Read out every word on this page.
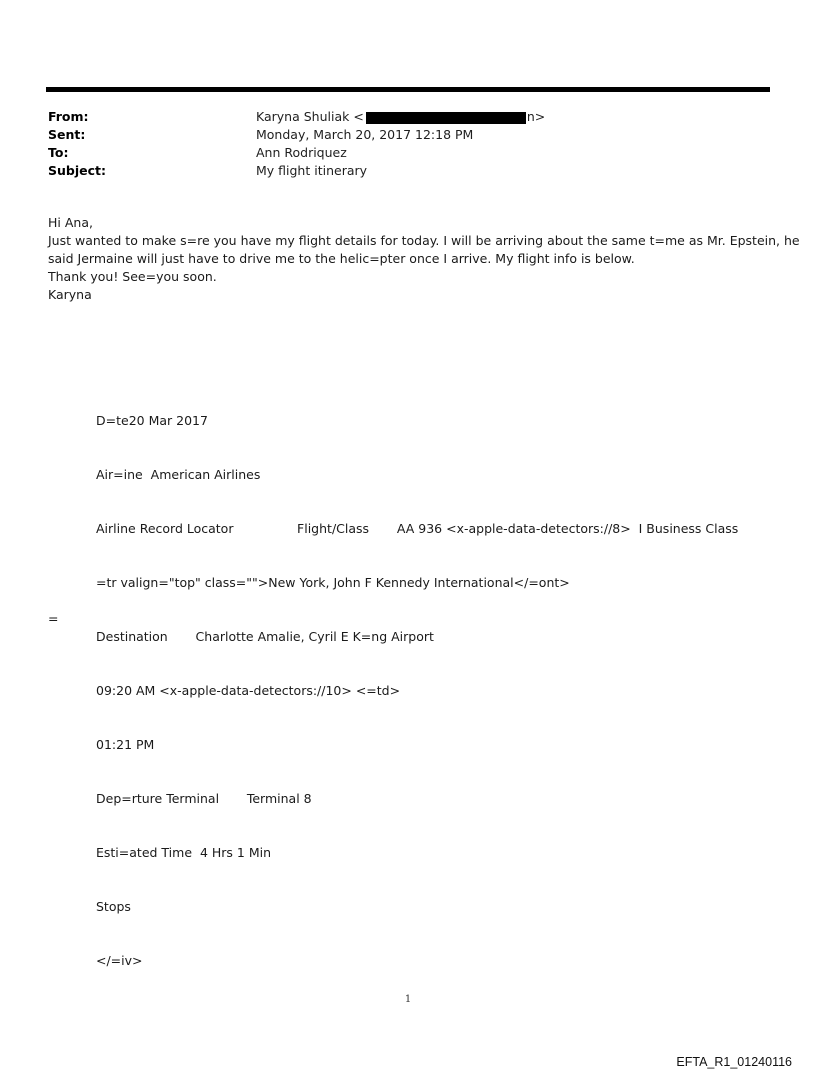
From:	Karyna Shuliak <	n>
Sent:	Monday, March 20, 2017 12:18 PM
To:	Ann Rodriquez
Subject:	My flight itinerary
Hi Ana,
Just wanted to make s=re you have my flight details for today. I will be arriving about the same t=me as Mr. Epstein, he
said Jermaine will just have to drive me to the helic=pter once I arrive. My flight info is below.
Thank you! See=you soon.
Karyna

D=te20 Mar 2017

Air=ine  American Airlines

Airline Record Locator                Flight/Class       AA 936 <x-apple-data-detectors://8>  I Business Class

=tr valign="top" class="">New York, John F Kennedy International</=ont>

Destination       Charlotte Amalie, Cyril E K=ng Airport

09:20 AM <x-apple-data-detectors://10> <=td>

01:21 PM

Dep=rture Terminal       Terminal 8

Esti=ated Time  4 Hrs 1 Min

Stops

</=iv>

=
1
EFTA_R1_01240116
